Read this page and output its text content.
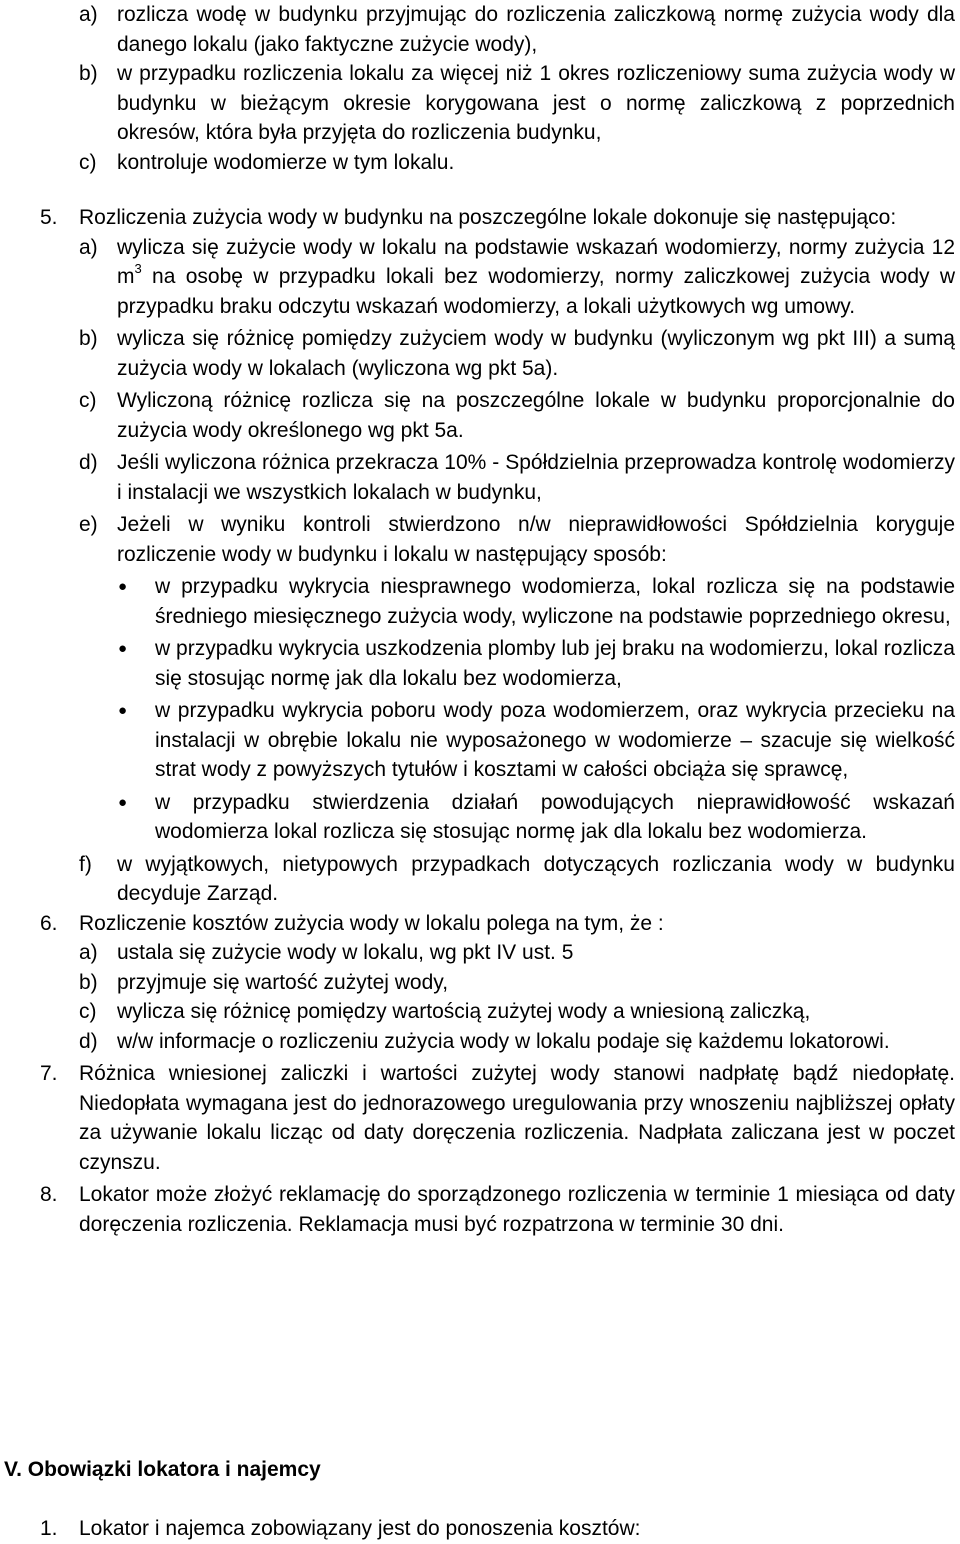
a) rozlicza wodę w budynku przyjmując do rozliczenia zaliczkową normę zużycia wody dla danego lokalu (jako faktyczne zużycie wody),
b) w przypadku rozliczenia lokalu za więcej niż 1 okres rozliczeniowy suma zużycia wody w budynku w bieżącym okresie korygowana jest o normę zaliczkową z poprzednich okresów, która była przyjęta do rozliczenia budynku,
c) kontroluje wodomierze w tym lokalu.
5.	Rozliczenia zużycia wody w budynku na poszczególne lokale dokonuje się następująco:
a) wylicza się zużycie wody w lokalu na podstawie wskazań wodomierzy, normy zużycia 12 $m^3$ na osobę w przypadku lokali bez wodomierzy, normy zaliczkowej zużycia wody w przypadku braku odczytu wskazań wodomierzy, a lokali użytkowych wg umowy.
b) wylicza się różnicę pomiędzy zużyciem wody w budynku (wyliczonym wg pkt III) a sumą zużycia wody w lokalach (wyliczona wg pkt 5a).
c) Wyliczoną różnicę rozlicza się na poszczególne lokale w budynku proporcjonalnie do zużycia wody określonego wg pkt 5a.
d) Jeśli wyliczona różnica przekracza 10% - Spółdzielnia przeprowadza kontrolę wodomierzy i instalacji we wszystkich lokalach w budynku,
e) Jeżeli w wyniku kontroli stwierdzono n/w nieprawidłowości Spółdzielnia koryguje rozliczenie wody w budynku i lokalu w następujący sposób:
●	w przypadku wykrycia niesprawnego wodomierza, lokal rozlicza się na podstawie średniego miesięcznego zużycia wody, wyliczone na podstawie poprzedniego okresu,
●	w przypadku wykrycia uszkodzenia plomby lub jej braku na wodomierzu, lokal rozlicza się stosując normę jak dla lokalu bez wodomierza,
●	w przypadku wykrycia poboru wody poza wodomierzem, oraz wykrycia przecieku na instalacji w obrębie lokalu nie wyposażonego w wodomierze – szacuje się wielkość strat wody z powyższych tytułów i kosztami w całości obciąża się sprawcę,
●	w przypadku stwierdzenia działań powodujących nieprawidłowość wskazań wodomierza lokal rozlicza się stosując normę jak dla lokalu bez wodomierza.
f)	w wyjątkowych, nietypowych przypadkach dotyczących rozliczania wody w budynku decyduje Zarząd.
6.	Rozliczenie kosztów zużycia wody w lokalu polega na tym, że :
a) ustala się zużycie wody w lokalu, wg pkt IV ust. 5
b) przyjmuje się wartość zużytej wody,
c) wylicza się różnicę pomiędzy wartością zużytej wody a wniesioną zaliczką,
d) w/w informacje o rozliczeniu zużycia wody w lokalu podaje się każdemu lokatorowi.
7.	Różnica wniesionej zaliczki i wartości zużytej wody stanowi nadpłatę bądź niedopłatę. Niedopłata wymagana jest do jednorazowego uregulowania przy wnoszeniu najbliższej opłaty za używanie lokalu licząc od daty doręczenia rozliczenia. Nadpłata zaliczana jest w poczet czynszu.
8.	Lokator może złożyć reklamację do sporządzonego rozliczenia w terminie 1 miesiąca od daty doręczenia rozliczenia. Reklamacja musi być rozpatrzona w terminie 30 dni.
V. Obowiązki lokatora i najemcy
1.	Lokator i najemca zobowiązany jest do ponoszenia kosztów:
